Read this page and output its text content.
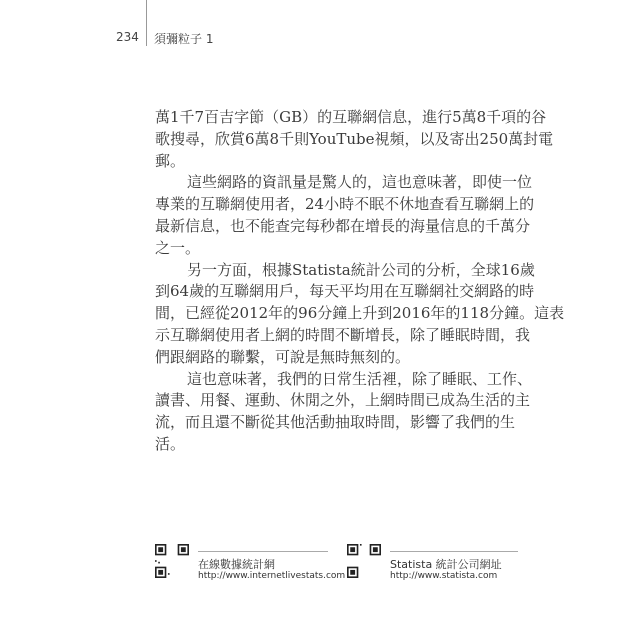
234 須彌粒子 1
萬1千7百吉字節（GB）的互聯網信息，進行5萬8千項的谷
歌搜尋，欣賞6萬8千則YouTube視頻，以及寄出250萬封電
郵。
這些網路的資訊量是驚人的，這也意味著，即使一位
專業的互聯網使用者，24小時不眠不休地查看互聯網上的
最新信息，也不能查完每秒都在增長的海量信息的千萬分
之一。
另一方面，根據Statista統計公司的分析，全球16歲
到64歲的互聯網用戶，每天平均用在互聯網社交網路的時
間，已經從2012年的96分鐘上升到2016年的118分鐘。這表
示互聯網使用者上網的時間不斷增長，除了睡眠時間，我
們跟網路的聯繫，可說是無時無刻的。
這也意味著，我們的日常生活裡，除了睡眠、工作、
讀書、用餐、運動、休閒之外，上網時間已成為生活的主
流，而且還不斷從其他活動抽取時間，影響了我們的生
活。
在線數據統計網
http://www.internetlivestats.com
Statista 統計公司網址
http://www.statista.com
